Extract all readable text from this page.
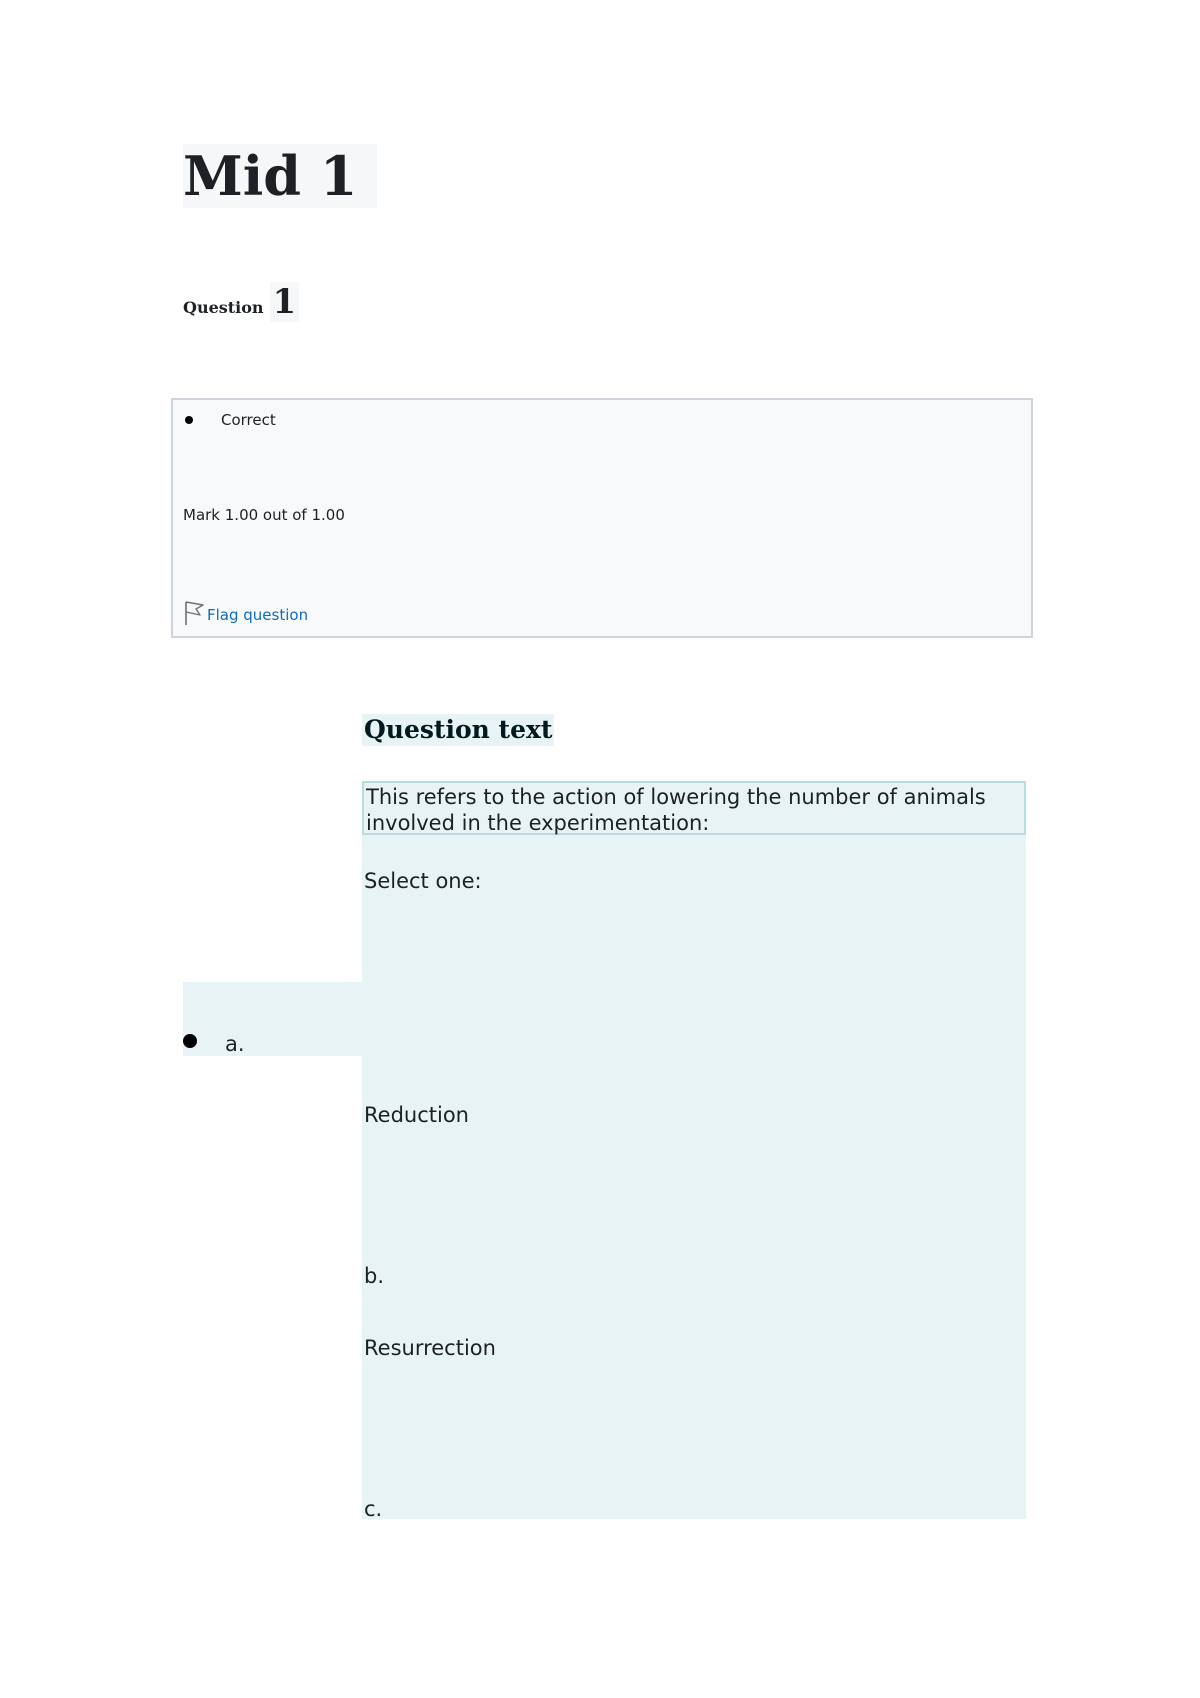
Mid 1
Question 1
Correct
Mark 1.00 out of 1.00
Flag question
Question text
This refers to the action of lowering the number of animals involved in the experimentation:
Select one:
a.
Reduction
b.
Resurrection
c.
